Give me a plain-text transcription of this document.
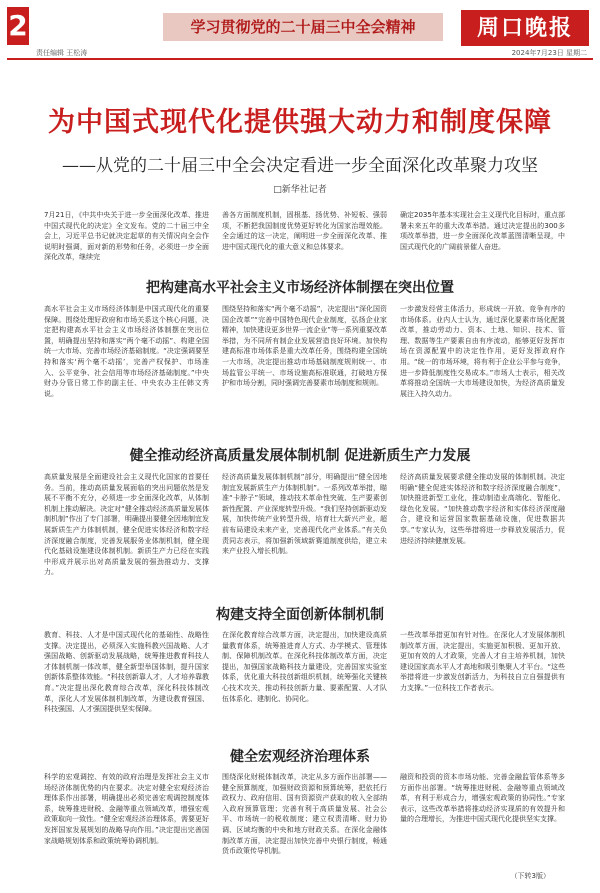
2	学习贯彻党的二十届三中全会精神	周口晚报
责任编辑 王松涛	2024年7月23日 星期二
为中国式现代化提供强大动力和制度保障
——从党的二十届三中全会决定看进一步全面深化改革聚力攻坚
□新华社记者
7月21日，《中共中央关于进一步全面深化改革、推进中国式现代化的决定》全文发布。党的二十届三中全会上，习近平总书记就决定起草的有关情况向全会作说明时强调，面对新的形势和任务，必须进一步全面深化改革，继续完
善各方面制度机制，固根基、扬优势、补短板、强弱项，不断把我国制度优势更好转化为国家治理效能。全会通过的这一决定，阐明进一步全面深化改革、推进中国式现代化的重大意义和总体要求。
确定2035年基本实现社会主义现代化目标时，重点部署未来五年的重大改革举措。通过决定提出的300多项改革举措，进一步全面深化改革蓝图清晰呈现，中国式现代化的广阔前景催人奋进。
把构建高水平社会主义市场经济体制摆在突出位置
高水平社会主义市场经济体制是中国式现代化的重要保障。围绕处理好政府和市场关系这个核心问题，决定把构建高水平社会主义市场经济体制摆在突出位置，明确提出坚持和落实“两个毫不动摇”、构建全国统一大市场、完善市场经济基础制度。“决定强调要坚持和落实‘两个毫不动摇’，完善产权保护、市场准入、公平竞争、社会信用等市场经济基础制度。”中央财办分管日常工作的副主任、中央农办主任韩文秀说。
围绕坚持和落实“两个毫不动摇”，决定提出“深化国资国企改革”“完善中国特色现代企业制度，弘扬企业家精神，加快建设更多世界一流企业”等一系列重要改革举措，为不同所有制企业发展营造良好环境。加快构建高标准市场体系是重大改革任务，围绕构建全国统一大市场，决定提出推动市场基础制度规则统一、市场监管公平统一、市场设施高标准联通，打破地方保护和市场分割，同时强调完善要素市场制度和规则。
一步激发经营主体活力，形成统一开放、竞争有序的市场体系。业内人士认为，通过深化要素市场化配置改革，推动劳动力、资本、土地、知识、技术、管理、数据等生产要素自由有序流动，能够更好发挥市场在资源配置中的决定性作用，更好发挥政府作用。“统一的市场环境，将有利于企业公平参与竞争，进一步降低制度性交易成本。”市场人士表示，相关改革将推动全国统一大市场建设加快，为经济高质量发展注入持久动力。
健全推动经济高质量发展体制机制 促进新质生产力发展
高质量发展是全面建设社会主义现代化国家的首要任务。当前，推动高质量发展面临的突出问题依然是发展不平衡不充分，必须进一步全面深化改革，从体制机制上推动解决。决定对“健全推动经济高质量发展体制机制”作出了专门部署，明确提出要健全因地制宜发展新质生产力体制机制，健全促进实体经济和数字经济深度融合制度，完善发展服务业体制机制，健全现代化基础设施建设体制机制。新质生产力已经在实践中形成并展示出对高质量发展的强劲推动力、支撑力。
经济高质量发展体制机制”部分，明确提出“健全因地制宜发展新质生产力体制机制”。一系列改革举措，瞄准“卡脖子”领域，推动技术革命性突破、生产要素创新性配置、产业深度转型升级。“我们坚持创新驱动发展，加快传统产业转型升级，培育壮大新兴产业，超前布局建设未来产业，完善现代化产业体系。”有关负责同志表示，将加强新领域新赛道制度供给，建立未来产业投入增长机制。
经济高质量发展要求健全推动发展的体制机制。决定明确“健全促进实体经济和数字经济深度融合制度”，加快推进新型工业化，推动制造业高端化、智能化、绿色化发展。“加快推动数字经济和实体经济深度融合，建设和运营国家数据基础设施，促进数据共享。”专家认为，这些举措将进一步释放发展活力，促进经济持续健康发展。
构建支持全面创新体制机制
教育、科技、人才是中国式现代化的基础性、战略性支撑。决定提出，必须深入实施科教兴国战略、人才强国战略、创新驱动发展战略，统筹推进教育科技人才体制机制一体改革，健全新型举国体制，提升国家创新体系整体效能。“科技创新靠人才，人才培养靠教育。”决定提出深化教育综合改革，深化科技体制改革，深化人才发展体制机制改革，为建设教育强国、科技强国、人才强国提供坚实保障。
在深化教育综合改革方面，决定提出，加快建设高质量教育体系，统筹推进育人方式、办学模式、管理体制、保障机制改革。在深化科技体制改革方面，决定提出，加强国家战略科技力量建设，完善国家实验室体系，优化重大科技创新组织机制，统筹强化关键核心技术攻关，推动科技创新力量、要素配置、人才队伍体系化、建制化、协同化。
一些改革举措更加有针对性。在深化人才发展体制机制改革方面，决定提出，实施更加积极、更加开放、更加有效的人才政策，完善人才自主培养机制，加快建设国家高水平人才高地和吸引集聚人才平台。“这些举措将进一步激发创新活力，为科技自立自强提供有力支撑。”一位科技工作者表示。
健全宏观经济治理体系
科学的宏观调控、有效的政府治理是发挥社会主义市场经济体制优势的内在要求。决定对健全宏观经济治理体系作出部署，明确提出必须完善宏观调控制度体系，统筹推进财税、金融等重点领域改革，增强宏观政策取向一致性。“健全宏观经济治理体系，需要更好发挥国家发展规划的战略导向作用。”决定提出完善国家战略规划体系和政策统筹协调机制。
围绕深化财税体制改革，决定从多方面作出部署——健全预算制度，加强财政资源和预算统筹，把依托行政权力、政府信用、国有资源资产获取的收入全部纳入政府预算管理；完善有利于高质量发展、社会公平、市场统一的税收制度；建立权责清晰、财力协调、区域均衡的中央和地方财政关系。在深化金融体制改革方面，决定提出加快完善中央银行制度，畅通货币政策传导机制。
融资和投资的资本市场功能、完善金融监管体系等多方面作出部署。“统筹推进财税、金融等重点领域改革，有利于形成合力，增强宏观政策的协同性。”专家表示，这些改革举措将推动经济实现质的有效提升和量的合理增长，为推进中国式现代化提供坚实支撑。
（下转3版）
